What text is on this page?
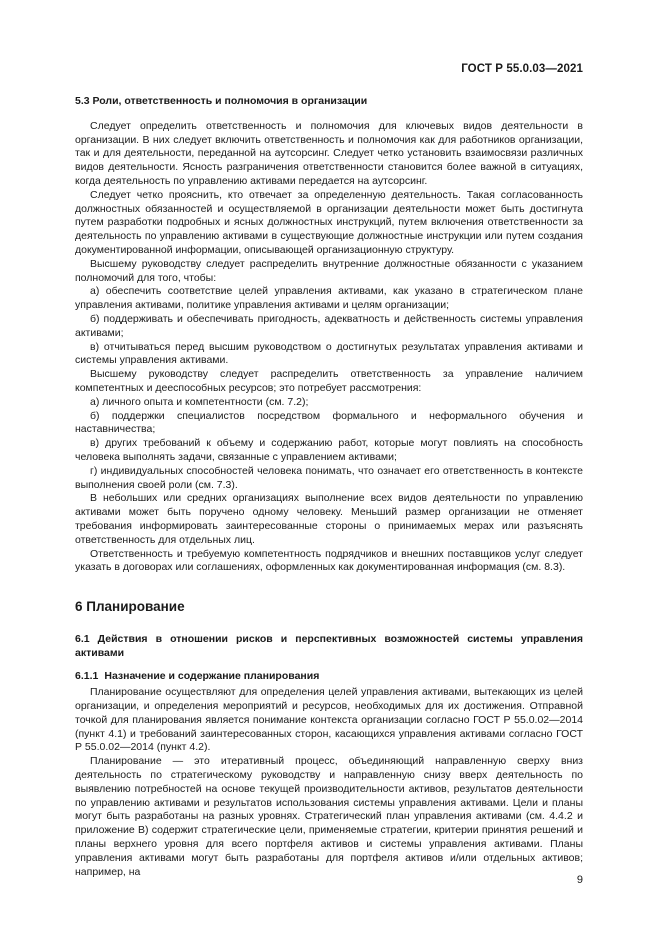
ГОСТ Р 55.0.03—2021
5.3 Роли, ответственность и полномочия в организации

Следует определить ответственность и полномочия для ключевых видов деятельности в организации. В них следует включить ответственность и полномочия как для работников организации, так и для деятельности, переданной на аутсорсинг. Следует четко установить взаимосвязи различных видов деятельности. Ясность разграничения ответственности становится более важной в ситуациях, когда деятельность по управлению активами передается на аутсорсинг.

Следует четко прояснить, кто отвечает за определенную деятельность. Такая согласованность должностных обязанностей и осуществляемой в организации деятельности может быть достигнута путем разработки подробных и ясных должностных инструкций, путем включения ответственности за деятельность по управлению активами в существующие должностные инструкции или путем создания документированной информации, описывающей организационную структуру.

Высшему руководству следует распределить внутренние должностные обязанности с указанием полномочий для того, чтобы:

а) обеспечить соответствие целей управления активами, как указано в стратегическом плане управления активами, политике управления активами и целям организации;

б) поддерживать и обеспечивать пригодность, адекватность и действенность системы управления активами;

в) отчитываться перед высшим руководством о достигнутых результатах управления активами и системы управления активами.

Высшему руководству следует распределить ответственность за управление наличием компетентных и дееспособных ресурсов; это потребует рассмотрения:

а) личного опыта и компетентности (см. 7.2);

б) поддержки специалистов посредством формального и неформального обучения и наставничества;

в) других требований к объему и содержанию работ, которые могут повлиять на способность человека выполнять задачи, связанные с управлением активами;

г) индивидуальных способностей человека понимать, что означает его ответственность в контексте выполнения своей роли (см. 7.3).

В небольших или средних организациях выполнение всех видов деятельности по управлению активами может быть поручено одному человеку. Меньший размер организации не отменяет требования информировать заинтересованные стороны о принимаемых мерах или разъяснять ответственность для отдельных лиц.

Ответственность и требуемую компетентность подрядчиков и внешних поставщиков услуг следует указать в договорах или соглашениях, оформленных как документированная информация (см. 8.3).

6 Планирование
6.1 Действия в отношении рисков и перспективных возможностей системы управления активами
6.1.1 Назначение и содержание планирования

Планирование осуществляют для определения целей управления активами, вытекающих из целей организации, и определения мероприятий и ресурсов, необходимых для их достижения. Отправной точкой для планирования является понимание контекста организации согласно ГОСТ Р 55.0.02—2014 (пункт 4.1) и требований заинтересованных сторон, касающихся управления активами согласно ГОСТ Р 55.0.02—2014 (пункт 4.2).

Планирование — это итеративный процесс, объединяющий направленную сверху вниз деятельность по стратегическому руководству и направленную снизу вверх деятельность по выявлению потребностей на основе текущей производительности активов, результатов деятельности по управлению активами и результатов использования системы управления активами. Цели и планы могут быть разработаны на разных уровнях. Стратегический план управления активами (см. 4.4.2 и приложение В) содержит стратегические цели, применяемые стратегии, критерии принятия решений и планы верхнего уровня для всего портфеля активов и системы управления активами. Планы управления активами могут быть разработаны для портфеля активов и/или отдельных активов; например, на

9
